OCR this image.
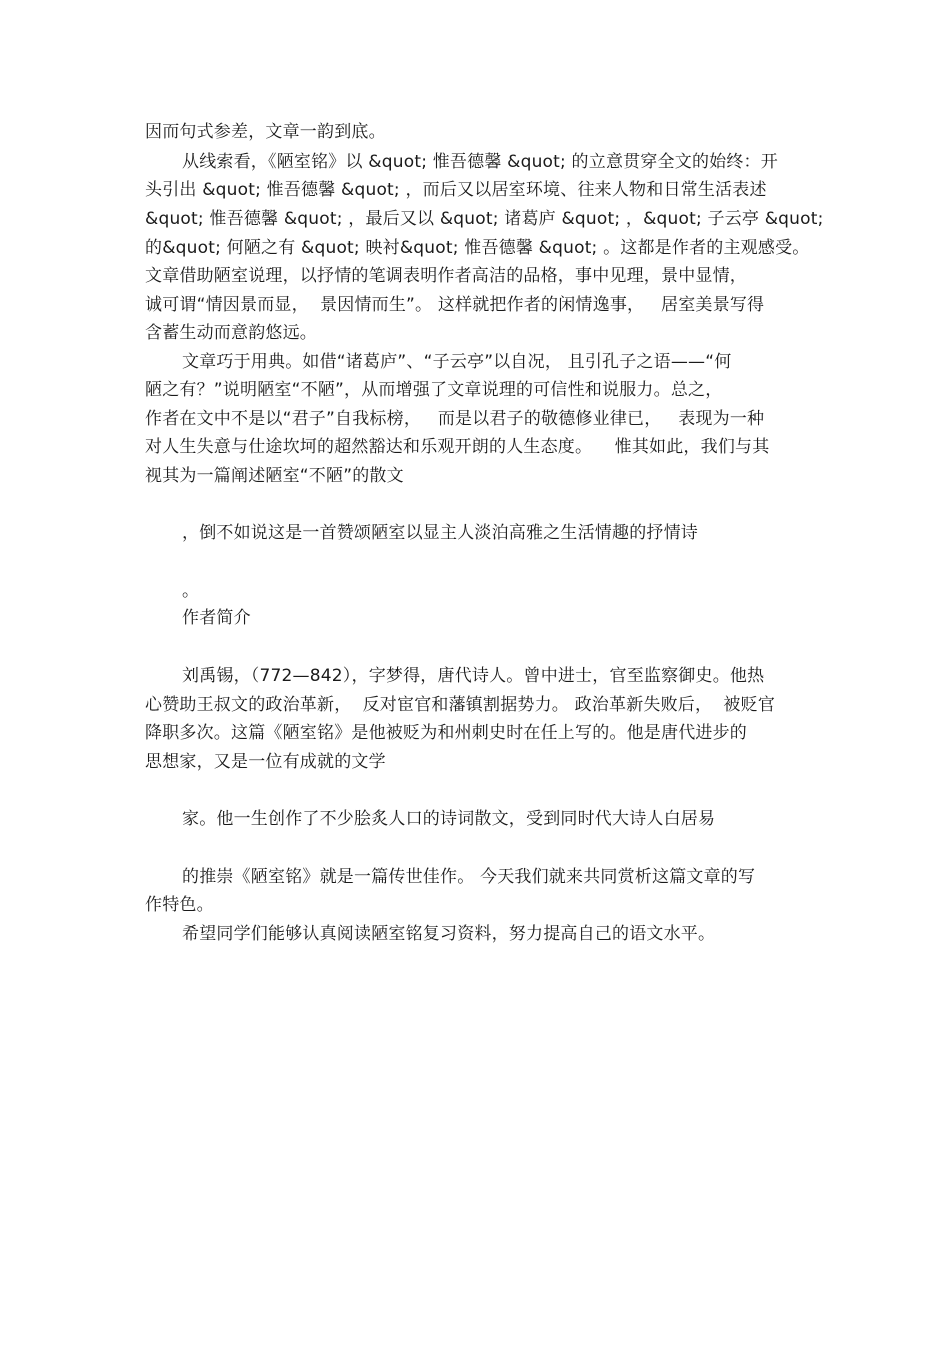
因而句式参差，文章一韵到底。
从线索看，《陋室铭》以 &quot; 惟吾德馨 &quot; 的立意贯穿全文的始终：开
头引出 &quot; 惟吾德馨 &quot; ，而后又以居室环境、往来人物和日常生活表述
&quot; 惟吾德馨 &quot; ，最后又以 &quot; 诸葛庐 &quot; ，&quot; 子云亭 &quot;
的&quot; 何陋之有 &quot; 映衬&quot; 惟吾德馨 &quot; 。这都是作者的主观感受。
文章借助陋室说理，以抒情的笔调表明作者高洁的品格，事中见理，景中显情，
诚可谓“情因景而显，  景因情而生”。 这样就把作者的闲情逸事，   居室美景写得
含蓄生动而意韵悠远。
文章巧于用典。如借“诸葛庐”、“子云亭”以自况， 且引孔子之语——“何
陋之有？”说明陋室“不陋”，从而增强了文章说理的可信性和说服力。总之，
作者在文中不是以“君子”自我标榜，   而是以君子的敬德修业律已，   表现为一种
对人生失意与仕途坎坷的超然豁达和乐观开朗的人生态度。    惟其如此，我们与其
视其为一篇阐述陋室“不陋”的散文
，倒不如说这是一首赞颂陋室以显主人淡泊高雅之生活情趣的抒情诗
。
作者简介
刘禹锡，（772—842），字梦得，唐代诗人。曾中进士，官至监察御史。他热
心赞助王叔文的政治革新，  反对宦官和藩镇割据势力。 政治革新失败后，  被贬官
降职多次。这篇《陋室铭》是他被贬为和州刺史时在任上写的。他是唐代进步的
思想家，又是一位有成就的文学
家。他一生创作了不少脍炙人口的诗词散文，受到同时代大诗人白居易
的推崇《陋室铭》就是一篇传世佳作。 今天我们就来共同赏析这篇文章的写
作特色。
希望同学们能够认真阅读陋室铭复习资料，努力提高自己的语文水平。
